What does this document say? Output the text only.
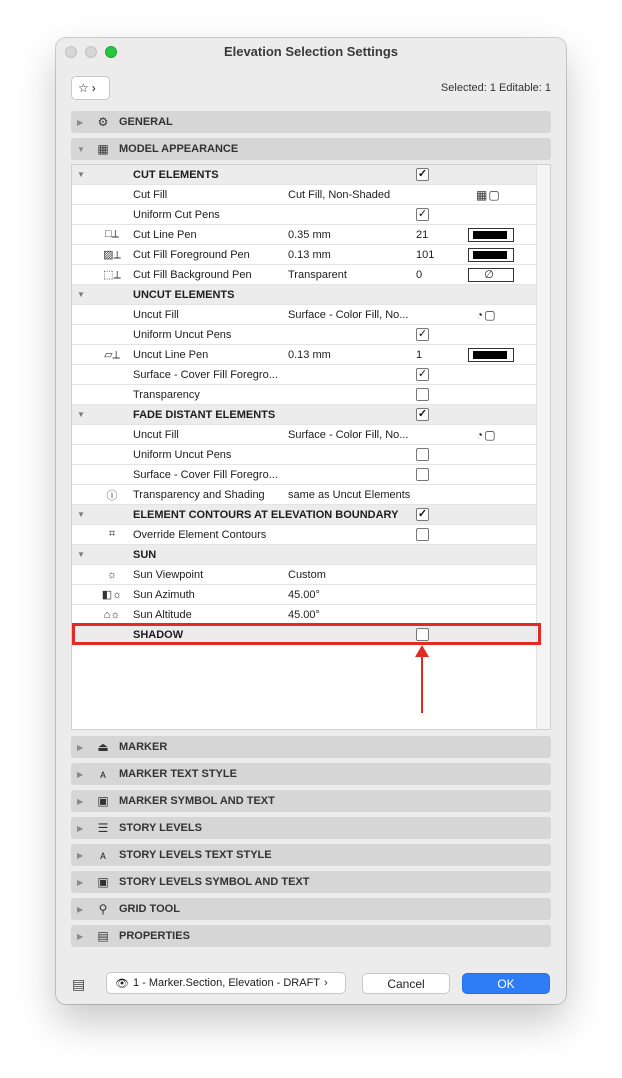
Elevation Selection Settings
☆ ›	Selected: 1 Editable: 1
▶	⚙ GENERAL
▼	▦ MODEL APPEARANCE
▼	CUT ELEMENTS	✓
Cut Fill	Cut Fill, Non-Shaded	▦▢
Uniform Cut Pens	✓
□⟂	Cut Line Pen	0.35 mm	21
▨⟂	Cut Fill Foreground Pen	0.13 mm	101
⬚⟂	Cut Fill Background Pen	Transparent	0	∅
▼	UNCUT ELEMENTS
Uncut Fill	Surface - Color Fill, No...	◔▢
Uniform Uncut Pens	✓
▱⟂	Uncut Line Pen	0.13 mm	1
Surface - Cover Fill Foregro...	✓
Transparency
▼	FADE DISTANT ELEMENTS	✓
Uncut Fill	Surface - Color Fill, No...	◔▢
Uniform Uncut Pens
Surface - Cover Fill Foregro...
ⓘ	Transparency and Shading	same as Uncut Elements
▼	ELEMENT CONTOURS AT ELEVATION BOUNDARY ✓
⌗	Override Element Contours
▼	SUN
☼	Sun Viewpoint	Custom
◧☼ Sun Azimuth	45.00°
⌂☼	Sun Altitude	45.00°
SHADOW
▶	⏏ MARKER
▶	ᴀ	MARKER TEXT STYLE
▶	▣ MARKER SYMBOL AND TEXT
▶	☰ STORY LEVELS
▶	ᴀ	STORY LEVELS TEXT STYLE
▶	▣ STORY LEVELS SYMBOL AND TEXT
▶	⚲	GRID TOOL
▶	▤ PROPERTIES
▤	👁 1 - Marker.Section, Elevation - DRAFT ›	Cancel	OK
